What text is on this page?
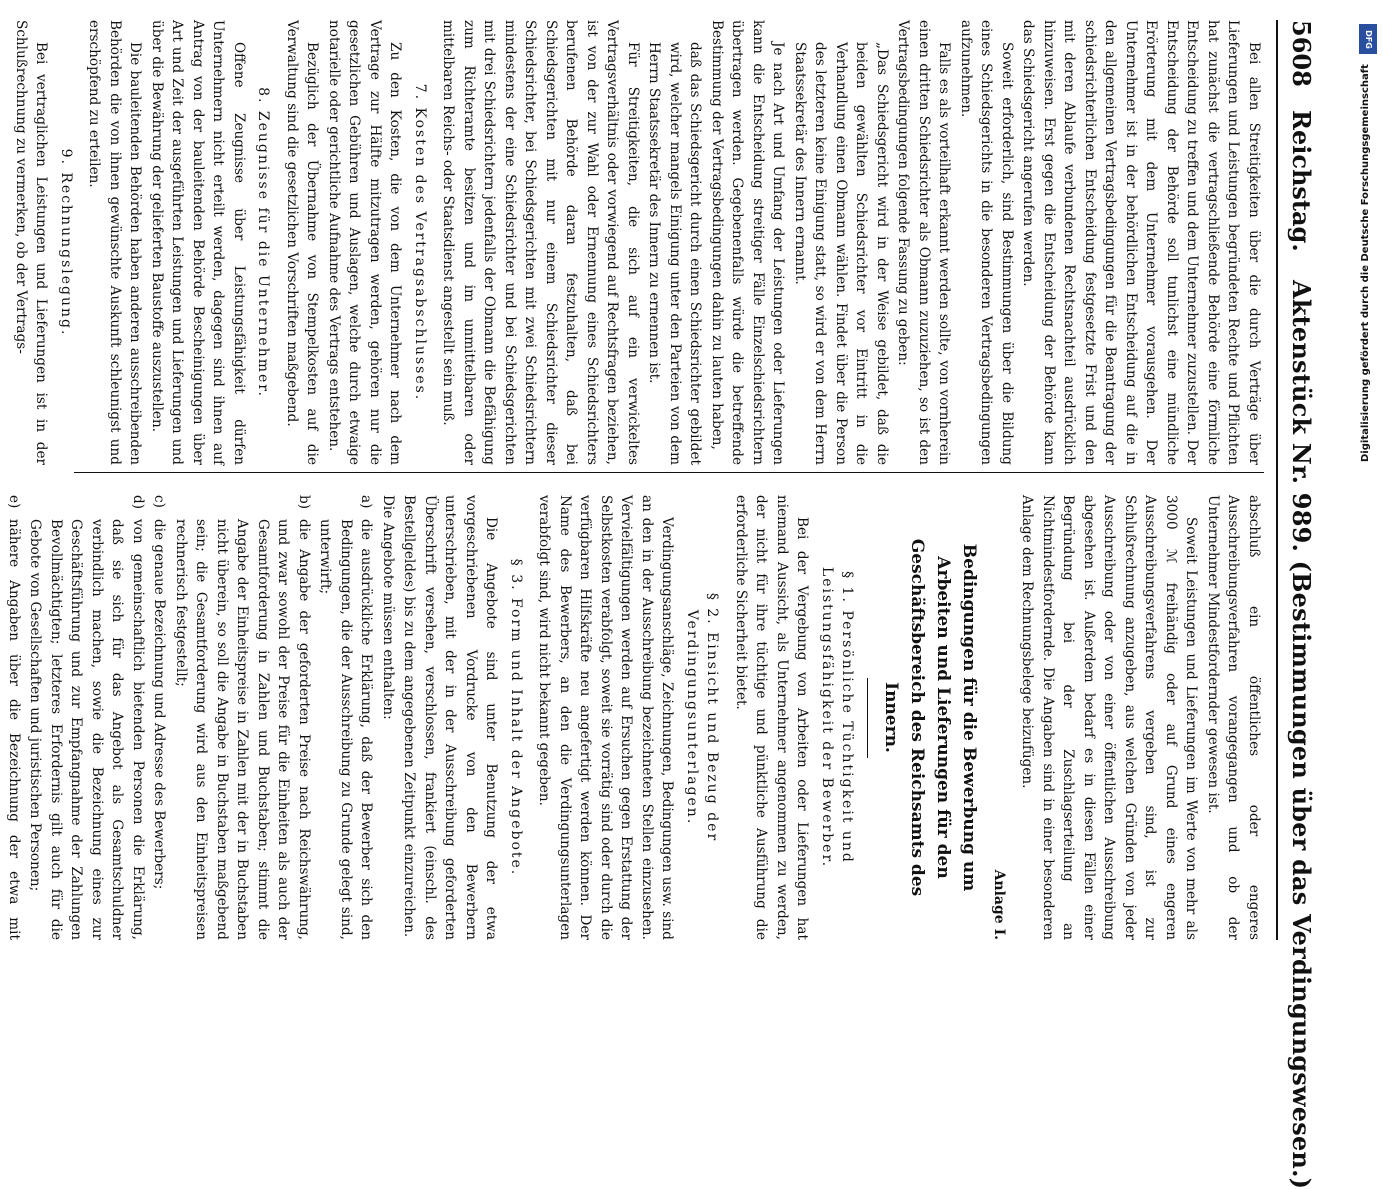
5608
Reichstag.
Aktenstück Nr. 989. (Bestimmungen über das Verdingungswesen.)

Bei allen Streitigkeiten über die durch Verträge über Lieferungen und Leistungen begründeten Rechte und Pflichten hat zunächst die vertragschließende Behörde eine förmliche Entscheidung zu treffen und dem Unternehmer zuzustellen. Der Entscheidung der Behörde soll tunlichst eine mündliche Erörterung mit dem Unternehmer vorausgehen. Der Unternehmer ist in der behördlichen Entscheidung auf die in den allgemeinen Vertragsbedingungen für die Beantragung der schiedsrichterlichen Entscheidung festgesetzte Frist und den mit deren Ablaufe verbundenen Rechtsnachteil ausdrücklich hinzuweisen. Erst gegen die Entscheidung der Behörde kann das Schiedsgericht angerufen werden.

Soweit erforderlich, sind Bestimmungen über die Bildung eines Schiedsgerichts in die besonderen Vertragsbedingungen aufzunehmen.

Falls es als vorteilhaft erkannt werden sollte, von vornherein einen dritten Schiedsrichter als Obmann zuzuziehen, so ist den Vertragsbedingungen folgende Fassung zu geben:

„Das Schiedsgericht wird in der Weise gebildet, daß die beiden gewählten Schiedsrichter vor Eintritt in die Verhandlung einen Obmann wählen. Findet über die Person des letzteren keine Einigung statt, so wird er von dem Herrn Staatssekretär des Innern ernannt.

Je nach Art und Umfang der Leistungen oder Lieferungen kann die Entscheidung streitiger Fälle Einzelschiedsrichtern übertragen werden. Gegebenenfalls würde die betreffende Bestimmung der Vertragsbedingungen dahin zu lauten haben,

daß das Schiedsgericht durch einen Schiedsrichter gebildet wird, welcher mangels Einigung unter den Parteien von dem Herrn Staatssekretär des Innern zu ernennen ist.

Für Streitigkeiten, die sich auf ein verwickeltes Vertragsverhältnis oder vorwiegend auf Rechtsfragen beziehen, ist von der zur Wahl oder Ernennung eines Schiedsrichters berufenen Behörde daran festzuhalten, daß bei Schiedsgerichten mit nur einem Schiedsrichter dieser Schiedsrichter, bei Schiedsgerichten mit zwei Schiedsrichtern mindestens der eine Schiedsrichter und bei Schiedsgerichten mit drei Schiedsrichtern jedenfalls der Obmann die Befähigung zum Richteramte besitzen und im unmittelbaren oder mittelbaren Reichs- oder Staatsdienst angestellt sein muß.

7. Kosten des Vertragsabschlusses.

Zu den Kosten, die von dem Unternehmer nach dem Vertrage zur Hälfte mitzutragen werden, gehören nur die gesetzlichen Gebühren und Auslagen, welche durch etwaige notarielle oder gerichtliche Aufnahme des Vertrags entstehen.

Bezüglich der Übernahme von Stempelkosten auf die Verwaltung sind die gesetzlichen Vorschriften maßgebend.

8. Zeugnisse für die Unternehmer.

Offene Zeugnisse über Leistungsfähigkeit dürfen Unternehmern nicht erteilt werden, dagegen sind ihnen auf Antrag von der bauleitenden Behörde Bescheinigungen über Art und Zeit der ausgeführten Leistungen und Lieferungen und über die Bewährung der gelieferten Baustoffe auszustellen.

Die bauleitenden Behörden haben anderen ausschreibenden Behörden die von ihnen gewünschte Auskunft schleunigst und erschöpfend zu erteilen.

9. Rechnungslegung.

Bei vertraglichen Leistungen und Lieferungen ist in der Schlußrechnung zu vermerken, ob der Vertrags-

abschluß ein öffentliches oder engeres Ausschreibungsverfahren vorangegangen und ob der Unternehmer Mindestfordernder gewesen ist.

Soweit Leistungen und Lieferungen im Werte von mehr als 3000 ℳ freihändig oder auf Grund eines engeren Ausschreibungsverfahrens vergeben sind, ist zur Schlußrechnung anzugeben, aus welchen Gründen von jeder Ausschreibung oder von einer öffentlichen Ausschreibung abgesehen ist. Außerdem bedarf es in diesen Fällen einer Begründung bei der Zuschlagserteilung an Nichtmindestfordernde. Die Angaben sind in einer besonderen Anlage dem Rechnungsbelege beizufügen.

Anlage I.
Bedingungen für die Bewerbung um Arbeiten und Lieferungen für den Geschäftsbereich des Reichsamts des Innern.
§ 1. Persönliche Tüchtigkeit und Leistungsfähigkeit der Bewerber.

Bei der Vergebung von Arbeiten oder Lieferungen hat niemand Aussicht, als Unternehmer angenommen zu werden, der nicht für ihre tüchtige und pünktliche Ausführung die erforderliche Sicherheit bietet.

§ 2. Einsicht und Bezug der Verdingungsunterlagen.

Verdingungsanschläge, Zeichnungen, Bedingungen usw. sind an den in der Ausschreibung bezeichneten Stellen einzusehen. Vervielfältigungen werden auf Ersuchen gegen Erstattung der Selbstkosten verabfolgt, soweit sie vorrätig sind oder durch die verfügbaren Hilfskräfte neu angefertigt werden können. Der Name des Bewerbers, an den die Verdingungsunterlagen verabfolgt sind, wird nicht bekannt gegeben.

§ 3. Form und Inhalt der Angebote.

Die Angebote sind unter Benutzung der etwa vorgeschriebenen Vordrucke von den Bewerbern unterschrieben, mit der in der Ausschreibung geforderten Überschrift versehen, verschlossen, frankiert (einschl. des Bestellgeldes) bis zu dem angegebenen Zeitpunkt einzureichen.

Die Angebote müssen enthalten:

a)
die ausdrückliche Erklärung, daß der Bewerber sich den Bedingungen, die der Ausschreibung zu Grunde gelegt sind, unterwirft;
b)
die Angabe der geforderten Preise nach Reichswährung, und zwar sowohl der Preise für die Einheiten als auch der Gesamtforderung in Zahlen und Buchstaben; stimmt die Angabe der Einheitspreise in Zahlen mit der in Buchstaben nicht überein, so soll die Angabe in Buchstaben maßgebend sein; die Gesamtforderung wird aus den Einheitspreisen rechnerisch festgestellt;
c)
die genaue Bezeichnung und Adresse des Bewerbers;
d)
von gemeinschaftlich bietenden Personen die Erklärung, daß sie sich für das Angebot als Gesamtschuldner verbindlich machen, sowie die Bezeichnung eines zur Geschäftsführung und zur Empfangnahme der Zahlungen Bevollmächtigten; letzteres Erfordernis gilt auch für die Gebote von Gesellschaften und juristischen Personen;
e)
nähere Angaben über die Bezeichnung der etwa mit
DFG
Digitalisierung gefördert durch die Deutsche Forschungsgemeinschaft
